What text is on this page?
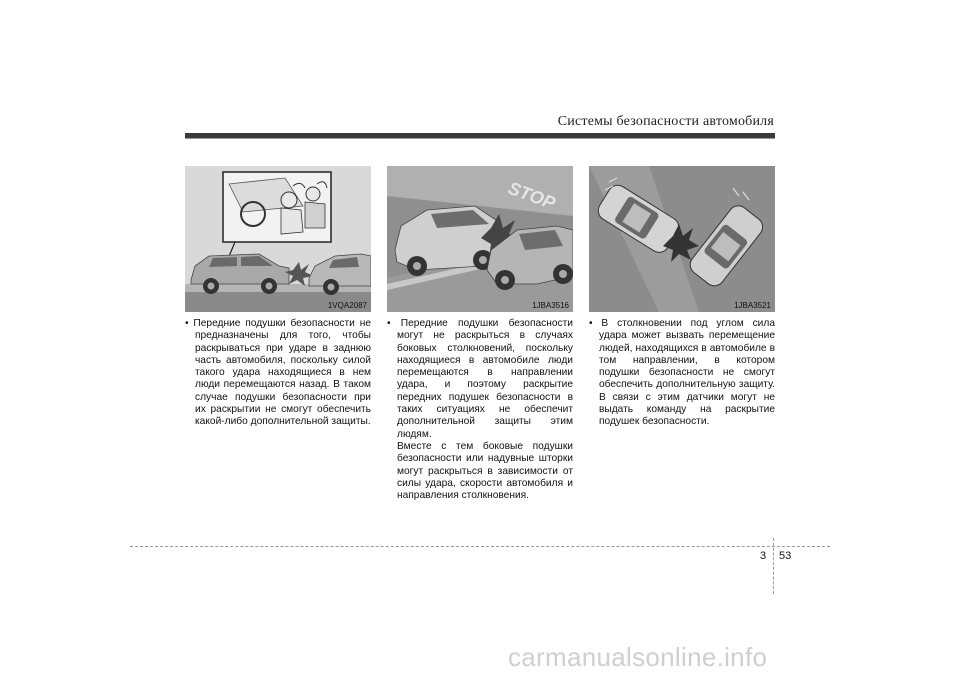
Системы безопасности автомобиля
1VQA2087
STOP
1JBA3516	1JBA3521

• Передние подушки безопасности не предназначены для того, чтобы раскрываться при ударе в заднюю часть автомобиля, поскольку силой такого удара находящиеся в нем люди перемещаются назад. В таком случае подушки безопасности при их раскрытии не смогут обеспечить какой-либо дополнительной защиты.

• Передние подушки безопасности могут не раскрыться в случаях боковых столкновений, поскольку находящиеся в автомобиле люди перемещаются в направлении удара, и поэтому раскрытие передних подушек безопасности в таких ситуациях не обеспечит дополнительной защиты этим людям.

Вместе с тем боковые подушки безопасности или надувные шторки могут раскрыться в зависимости от силы удара, скорости автомобиля и направления столкновения.

• В столкновении под углом сила удара может вызвать перемещение людей, находящихся в автомобиле в том направлении, в котором подушки безопасности не смогут обеспечить дополнительную защиту. В связи с этим датчики могут не выдать команду на раскрытие подушек безопасности.

3 53
carmanualsonline.info
